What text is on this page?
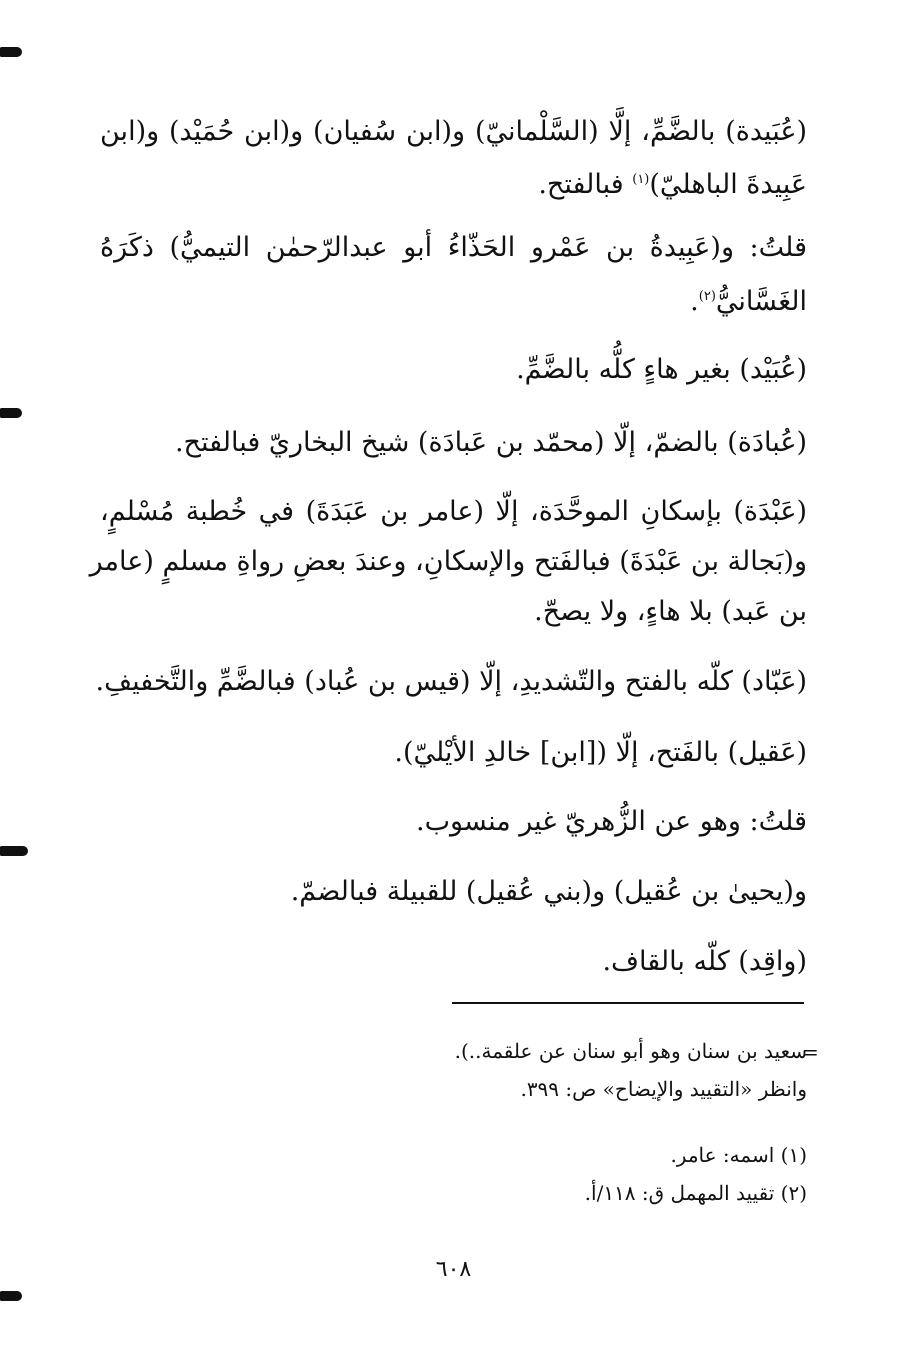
(عُبَيدة) بالضَّمِّ، إلَّا (السَّلْمانيّ) و(ابن سُفيان) و(ابن حُمَيْد) و(ابن
عَبِيدةَ الباهليّ)$^{(١)}$ فبالفتح.
قلتُ: و(عَبِيدةُ بن عَمْرو الحَذّاءُ أبو عبدالرّحمٰن التيميُّ) ذكَرَهُ
الغَسَّانيُّ$^{(٢)}$.
(عُبَيْد) بغير هاءٍ كلُّه بالضَّمِّ.
(عُبادَة) بالضمّ، إلّا (محمّد بن عَبادَة) شيخ البخاريّ فبالفتح.
(عَبْدَة) بإسكانِ الموحَّدَة، إلّا (عامر بن عَبَدَةَ) في خُطبة مُسْلمٍ،
و(بَجالة بن عَبْدَةَ) فبالفَتح والإسكانِ، وعندَ بعضِ رواةِ مسلمٍ (عامر
بن عَبد) بلا هاءٍ، ولا يصحّ.
(عَبّاد) كلّه بالفتح والتّشديدِ، إلّا (قيس بن عُباد) فبالضَّمِّ والتَّخفيفِ.
(عَقيل) بالفَتح، إلّا ([ابن] خالدِ الأيْليّ).
قلتُ: وهو عن الزُّهريّ غير منسوب.
و(يحيىٰ بن عُقيل) و(بني عُقيل) للقبيلة فبالضمّ.
(واقِد) كلّه بالقاف.
=
سعيد بن سنان وهو أبو سنان عن علقمة..).
وانظر «التقييد والإيضاح» ص: ٣٩٩.
(١) اسمه: عامر.
(٢) تقييد المهمل ق: ١١٨/أ.
٦٠٨
